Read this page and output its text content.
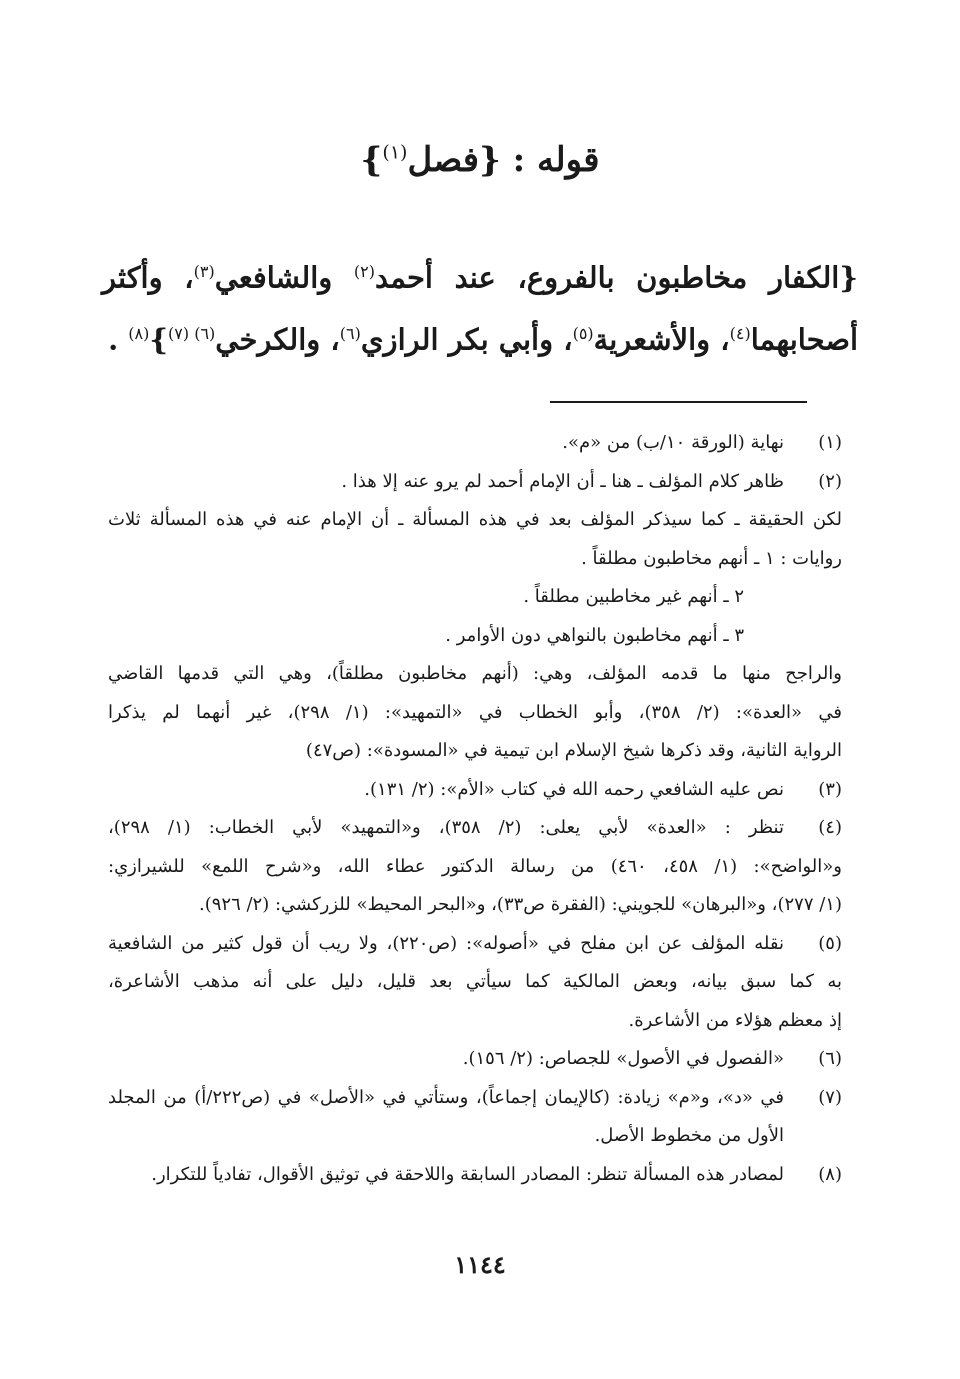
قوله : {فصل$^{(١)}$}
{الكفار مخاطبون بالفروع، عند أحمد$^{(٢)}$ والشافعي$^{(٣)}$، وأكثر
أصحابهما$^{(٤)}$، والأشعرية$^{(٥)}$، وأبي بكر الرازي$^{(٦)}$، والكرخي$^{(٦) (٧)}$}$^{(٨)}$ .
(١)
نهاية (الورقة ١٠/ب) من «م».
(٢)
ظاهر كلام المؤلف ـ هنا ـ أن الإمام أحمد لم يرو عنه إلا هذا .
لكن الحقيقة ـ كما سيذكر المؤلف بعد في هذه المسألة ـ أن الإمام عنه في هذه المسألة ثلاث
روايات : ١ ـ أنهم مخاطبون مطلقاً .
٢ ـ أنهم غير مخاطبين مطلقاً .
٣ ـ أنهم مخاطبون بالنواهي دون الأوامر .
والراجح منها ما قدمه المؤلف، وهي: (أنهم مخاطبون مطلقاً)، وهي التي قدمها القاضي
في «العدة»: (٢/ ٣٥٨)، وأبو الخطاب في «التمهيد»: (١/ ٢٩٨)، غير أنهما لم يذكرا
الرواية الثانية، وقد ذكرها شيخ الإسلام ابن تيمية في «المسودة»: (ص٤٧)
(٣)
نص عليه الشافعي رحمه الله في كتاب «الأم»: (٢/ ١٣١).
(٤)
تنظر : «العدة» لأبي يعلى: (٢/ ٣٥٨)، و«التمهيد» لأبي الخطاب: (١/ ٢٩٨)،
و«الواضح»: (١/ ٤٥٨، ٤٦٠) من رسالة الدكتور عطاء الله، و«شرح اللمع» للشيرازي:
(١/ ٢٧٧)، و«البرهان» للجويني: (الفقرة ص٣٣)، و«البحر المحيط» للزركشي: (٢/ ٩٢٦).
(٥)
نقله المؤلف عن ابن مفلح في «أصوله»: (ص٢٢٠)، ولا ريب أن قول كثير من الشافعية
به كما سبق بيانه، وبعض المالكية كما سيأتي بعد قليل، دليل على أنه مذهب الأشاعرة،
إذ معظم هؤلاء من الأشاعرة.
(٦)
«الفصول في الأصول» للجصاص: (٢/ ١٥٦).
(٧)
في «د»، و«م» زيادة: (كالإيمان إجماعاً)، وستأتي في «الأصل» في (ص٢٢٢/أ) من المجلد
الأول من مخطوط الأصل.
(٨)
لمصادر هذه المسألة تنظر: المصادر السابقة واللاحقة في توثيق الأقوال، تفادياً للتكرار.
١١٤٤
